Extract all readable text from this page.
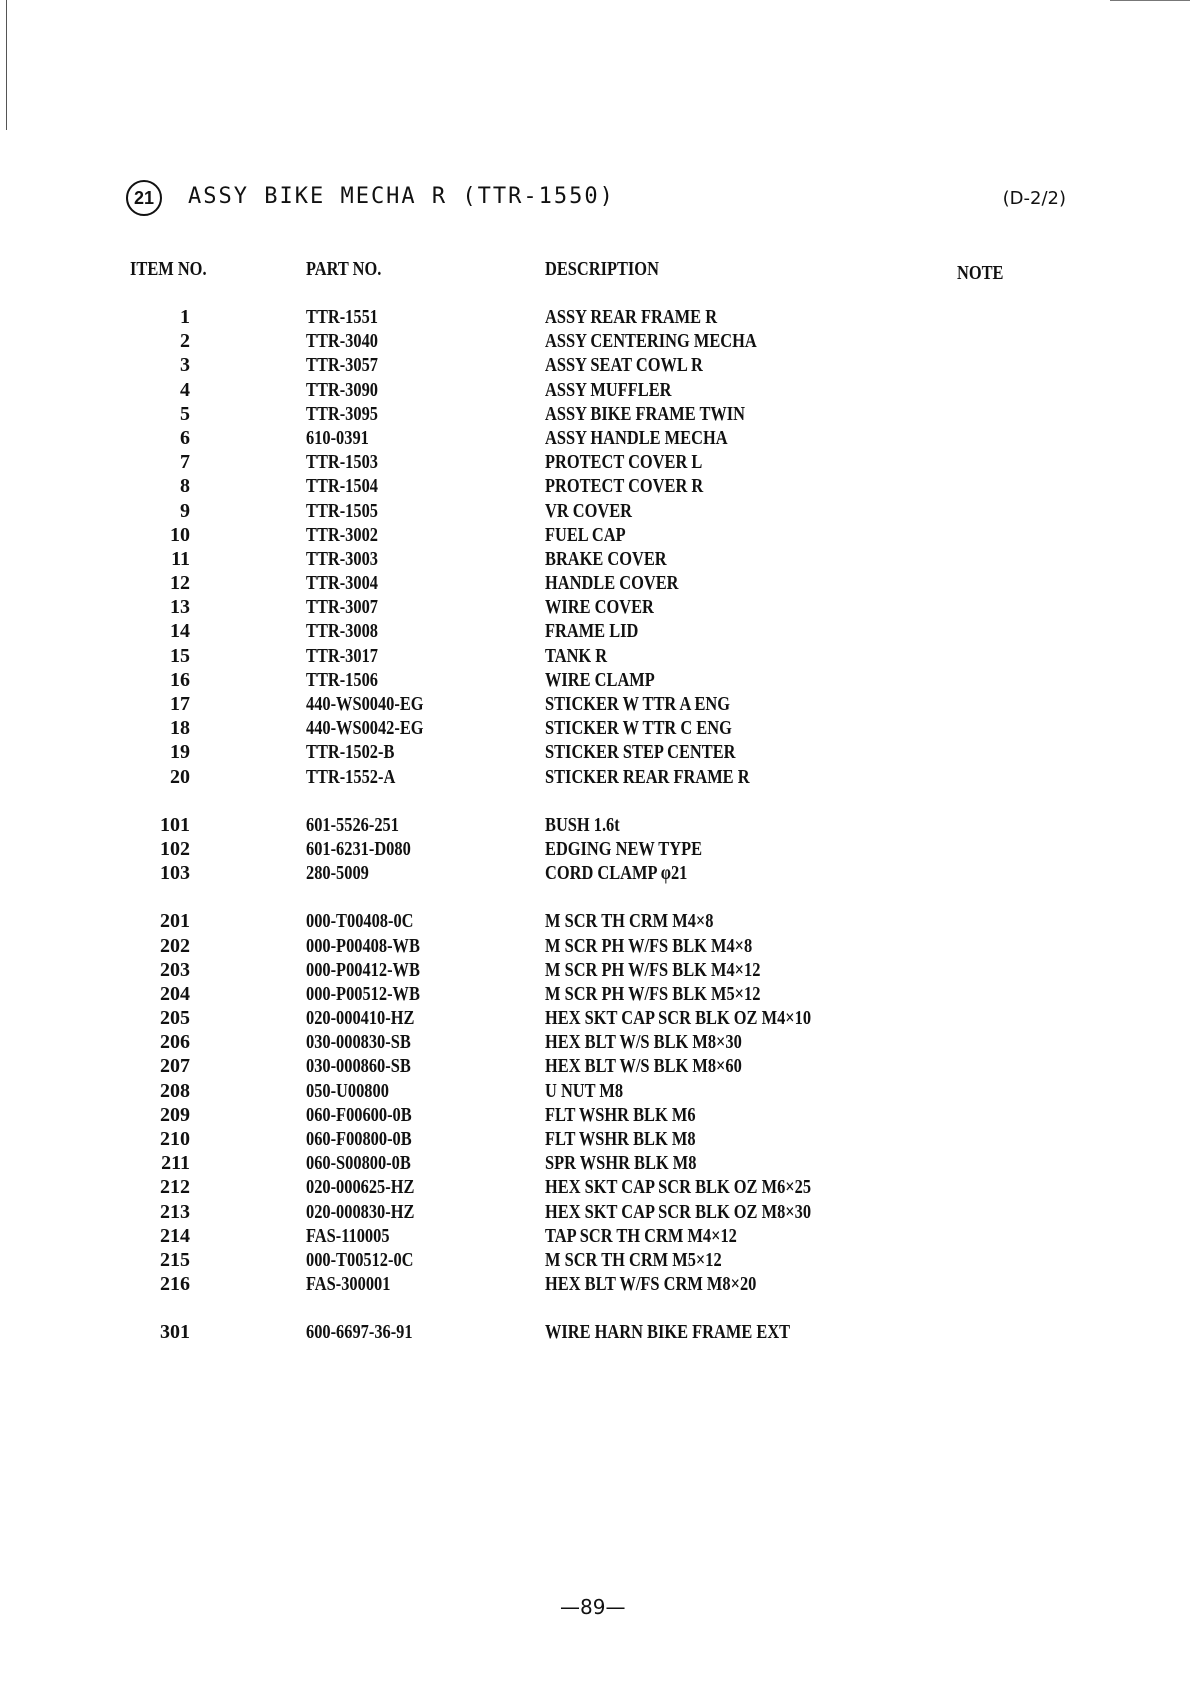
21	ASSY BIKE MECHA R (TTR-1550)	(D-2/2)
ITEM NO.	PART NO.	DESCRIPTION	NOTE
1	TTR-1551	ASSY REAR FRAME R
2	TTR-3040	ASSY CENTERING MECHA
3	TTR-3057	ASSY SEAT COWL R
4	TTR-3090	ASSY MUFFLER
5	TTR-3095	ASSY BIKE FRAME TWIN
6	610-0391	ASSY HANDLE MECHA
7	TTR-1503	PROTECT COVER L
8	TTR-1504	PROTECT COVER R
9	TTR-1505	VR COVER
10	TTR-3002	FUEL CAP
11	TTR-3003	BRAKE COVER
12	TTR-3004	HANDLE COVER
13	TTR-3007	WIRE COVER
14	TTR-3008	FRAME LID
15	TTR-3017	TANK R
16	TTR-1506	WIRE CLAMP
17	440-WS0040-EG	STICKER W TTR A ENG
18	440-WS0042-EG	STICKER W TTR C ENG
19	TTR-1502-B	STICKER STEP CENTER
20	TTR-1552-A	STICKER REAR FRAME R
101	601-5526-251	BUSH 1.6t
102	601-6231-D080	EDGING NEW TYPE
103	280-5009	CORD CLAMP φ21
201	000-T00408-0C	M SCR TH CRM M4×8
202	000-P00408-WB	M SCR PH W/FS BLK M4×8
203	000-P00412-WB	M SCR PH W/FS BLK M4×12
204	000-P00512-WB	M SCR PH W/FS BLK M5×12
205	020-000410-HZ	HEX SKT CAP SCR BLK OZ M4×10
206	030-000830-SB	HEX BLT W/S BLK M8×30
207	030-000860-SB	HEX BLT W/S BLK M8×60
208	050-U00800	U NUT M8
209	060-F00600-0B	FLT WSHR BLK M6
210	060-F00800-0B	FLT WSHR BLK M8
211	060-S00800-0B	SPR WSHR BLK M8
212	020-000625-HZ	HEX SKT CAP SCR BLK OZ M6×25
213	020-000830-HZ	HEX SKT CAP SCR BLK OZ M8×30
214	FAS-110005	TAP SCR TH CRM M4×12
215	000-T00512-0C	M SCR TH CRM M5×12
216	FAS-300001	HEX BLT W/FS CRM M8×20
301	600-6697-36-91	WIRE HARN BIKE FRAME EXT
—89—
